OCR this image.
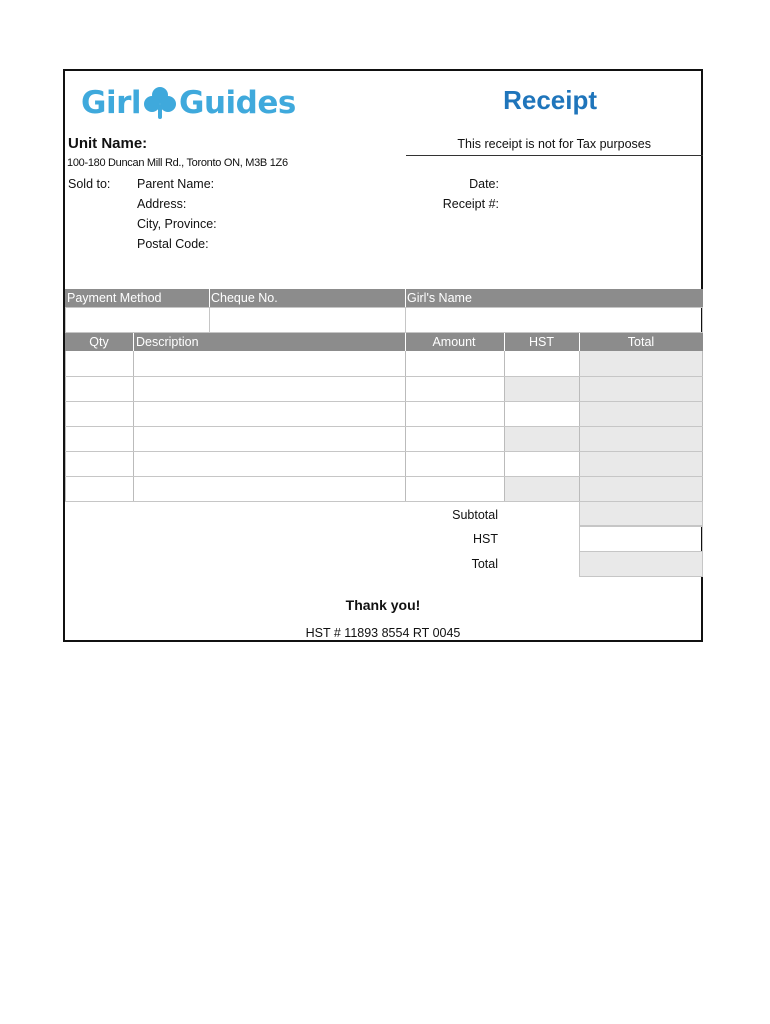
Girl Guides	Receipt
Unit Name:	This receipt is not for Tax purposes
100-180 Duncan Mill Rd., Toronto ON, M3B 1Z6
Sold to: Parent Name:
Address:
City, Province:
Postal Code:
Date:
Receipt #:
Payment Method	Cheque No.	Girl's Name
Qty	Description	Amount	HST	Total
Subtotal
HST
Total
Thank you!
HST # 11893 8554 RT 0045
